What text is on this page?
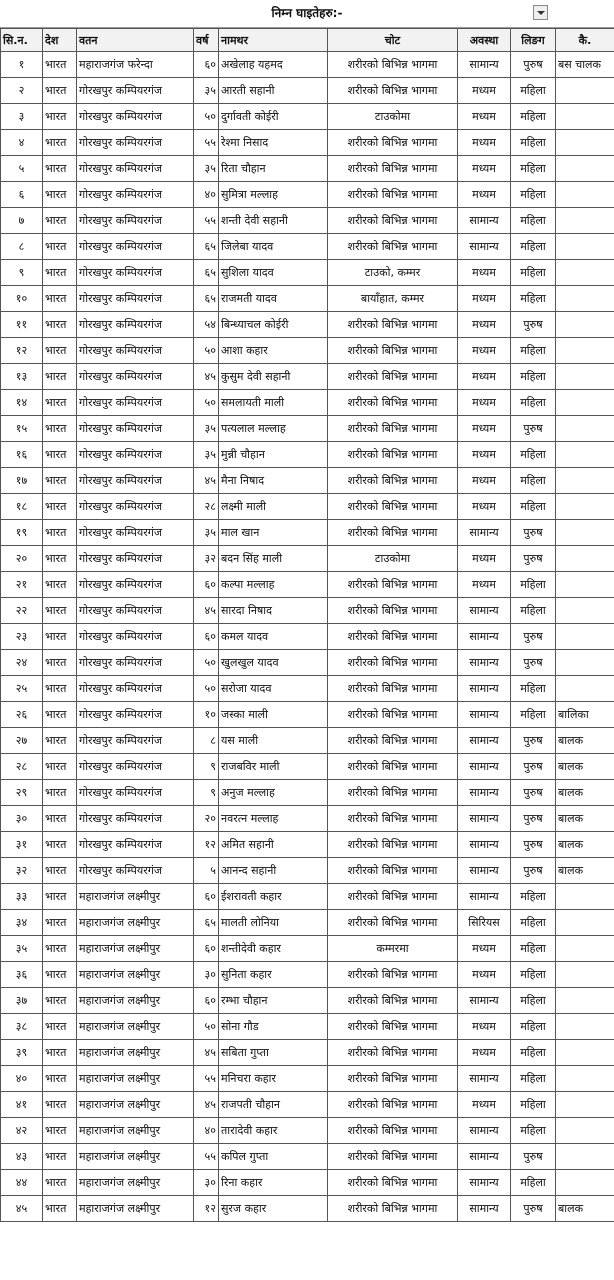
निम्न घाइतेहरु:-
सि.न.	देश	वतन	वर्ष	नामथर	चोट	अवस्था	लिङग	कै.
१	भारत	महाराजगंज फरेन्दा	६०	अखेलाह यहमद	शरीरको बिभिन्न भागमा	सामान्य	पुरुष	बस चालक
२	भारत	गोरखपुर कम्पियरगंज	३५	आरती सहानी	शरीरको बिभिन्न भागमा	मध्यम	महिला	
३	भारत	गोरखपुर कम्पियरगंज	५०	दुर्गावती कोईरी	टाउकोमा	मध्यम	महिला	
४	भारत	गोरखपुर कम्पियरगंज	५५	रेश्मा निसाद	शरीरको बिभिन्न भागमा	मध्यम	महिला	
५	भारत	गोरखपुर कम्पियरगंज	३५	रिता चौहान	शरीरको बिभिन्न भागमा	मध्यम	महिला	
६	भारत	गोरखपुर कम्पियरगंज	४०	सुमित्रा मल्लाह	शरीरको बिभिन्न भागमा	मध्यम	महिला	
७	भारत	गोरखपुर कम्पियरगंज	५५	शन्ती देवी सहानी	शरीरको बिभिन्न भागमा	सामान्य	महिला	
८	भारत	गोरखपुर कम्पियरगंज	६५	जिलेबा यादव	शरीरको बिभिन्न भागमा	सामान्य	महिला	
९	भारत	गोरखपुर कम्पियरगंज	६५	सुशिला यादव	टाउको, कम्मर	मध्यम	महिला	
१०	भारत	गोरखपुर कम्पियरगंज	६५	राजमती यादव	बायाँहात, कम्मर	मध्यम	महिला	
११	भारत	गोरखपुर कम्पियरगंज	५४	बिन्ध्याचल कोईरी	शरीरको बिभिन्न भागमा	मध्यम	पुरुष	
१२	भारत	गोरखपुर कम्पियरगंज	५०	आशा कहार	शरीरको बिभिन्न भागमा	मध्यम	महिला	
१३	भारत	गोरखपुर कम्पियरगंज	४५	कुसुम देवी सहानी	शरीरको बिभिन्न भागमा	मध्यम	महिला	
१४	भारत	गोरखपुर कम्पियरगंज	५०	समलायती माली	शरीरको बिभिन्न भागमा	मध्यम	महिला	
१५	भारत	गोरखपुर कम्पियरगंज	३५	पत्यलाल मल्लाह	शरीरको बिभिन्न भागमा	मध्यम	पुरुष	
१६	भारत	गोरखपुर कम्पियरगंज	३५	मुन्नी चौहान	शरीरको बिभिन्न भागमा	मध्यम	महिला	
१७	भारत	गोरखपुर कम्पियरगंज	४५	मैना निषाद	शरीरको बिभिन्न भागमा	मध्यम	महिला	
१८	भारत	गोरखपुर कम्पियरगंज	२८	लक्ष्मी माली	शरीरको बिभिन्न भागमा	मध्यम	महिला	
१९	भारत	गोरखपुर कम्पियरगंज	३५	माल खान	शरीरको बिभिन्न भागमा	सामान्य	पुरुष	
२०	भारत	गोरखपुर कम्पियरगंज	३२	बदन सिंह माली	टाउकोमा	मध्यम	पुरुष	
२१	भारत	गोरखपुर कम्पियरगंज	६०	कल्पा मल्लाह	शरीरको बिभिन्न भागमा	मध्यम	महिला	
२२	भारत	गोरखपुर कम्पियरगंज	४५	सारदा निषाद	शरीरको बिभिन्न भागमा	सामान्य	महिला	
२३	भारत	गोरखपुर कम्पियरगंज	६०	कमल यादव	शरीरको बिभिन्न भागमा	सामान्य	पुरुष	
२४	भारत	गोरखपुर कम्पियरगंज	५०	खुलखुल यादव	शरीरको बिभिन्न भागमा	सामान्य	पुरुष	
२५	भारत	गोरखपुर कम्पियरगंज	५०	सरोजा यादव	शरीरको बिभिन्न भागमा	सामान्य	महिला	
२६	भारत	गोरखपुर कम्पियरगंज	१०	जस्का माली	शरीरको बिभिन्न भागमा	सामान्य	महिला	बालिका
२७	भारत	गोरखपुर कम्पियरगंज	८	यस माली	शरीरको बिभिन्न भागमा	सामान्य	पुरुष	बालक
२८	भारत	गोरखपुर कम्पियरगंज	९	राजबविर माली	शरीरको बिभिन्न भागमा	सामान्य	पुरुष	बालक
२९	भारत	गोरखपुर कम्पियरगंज	९	अनुज मल्लाह	शरीरको बिभिन्न भागमा	सामान्य	पुरुष	बालक
३०	भारत	गोरखपुर कम्पियरगंज	२०	नवरत्न मल्लाह	शरीरको बिभिन्न भागमा	सामान्य	पुरुष	बालक
३१	भारत	गोरखपुर कम्पियरगंज	१२	अमित सहानी	शरीरको बिभिन्न भागमा	सामान्य	पुरुष	बालक
३२	भारत	गोरखपुर कम्पियरगंज	५	आनन्द सहानी	शरीरको बिभिन्न भागमा	सामान्य	पुरुष	बालक
३३	भारत	महाराजगंज लक्ष्मीपुर	६०	ईशरावती कहार	शरीरको बिभिन्न भागमा	सामान्य	महिला	
३४	भारत	महाराजगंज लक्ष्मीपुर	६५	मालती लोनिया	शरीरको बिभिन्न भागमा	सिरियस	महिला	
३५	भारत	महाराजगंज लक्ष्मीपुर	६०	शन्तीदेवी कहार	कम्मरमा	मध्यम	महिला	
३६	भारत	महाराजगंज लक्ष्मीपुर	३०	सुनिता कहार	शरीरको बिभिन्न भागमा	मध्यम	महिला	
३७	भारत	महाराजगंज लक्ष्मीपुर	६०	रम्भा चौहान	शरीरको बिभिन्न भागमा	सामान्य	महिला	
३८	भारत	महाराजगंज लक्ष्मीपुर	५०	सोना गौड	शरीरको बिभिन्न भागमा	मध्यम	महिला	
३९	भारत	महाराजगंज लक्ष्मीपुर	४५	सबिता गुप्ता	शरीरको बिभिन्न भागमा	मध्यम	महिला	
४०	भारत	महाराजगंज लक्ष्मीपुर	५५	मनिचरा कहार	शरीरको बिभिन्न भागमा	सामान्य	महिला	
४१	भारत	महाराजगंज लक्ष्मीपुर	४५	राजपती चौहान	शरीरको बिभिन्न भागमा	मध्यम	महिला	
४२	भारत	महाराजगंज लक्ष्मीपुर	४०	तारादेवी कहार	शरीरको बिभिन्न भागमा	सामान्य	महिला	
४३	भारत	महाराजगंज लक्ष्मीपुर	५५	कपिल गुप्ता	शरीरको बिभिन्न भागमा	सामान्य	पुरुष	
४४	भारत	महाराजगंज लक्ष्मीपुर	३०	रिना कहार	शरीरको बिभिन्न भागमा	सामान्य	महिला	
४५	भारत	महाराजगंज लक्ष्मीपुर	१२	सुरज कहार	शरीरको बिभिन्न भागमा	सामान्य	पुरुष	बालक
